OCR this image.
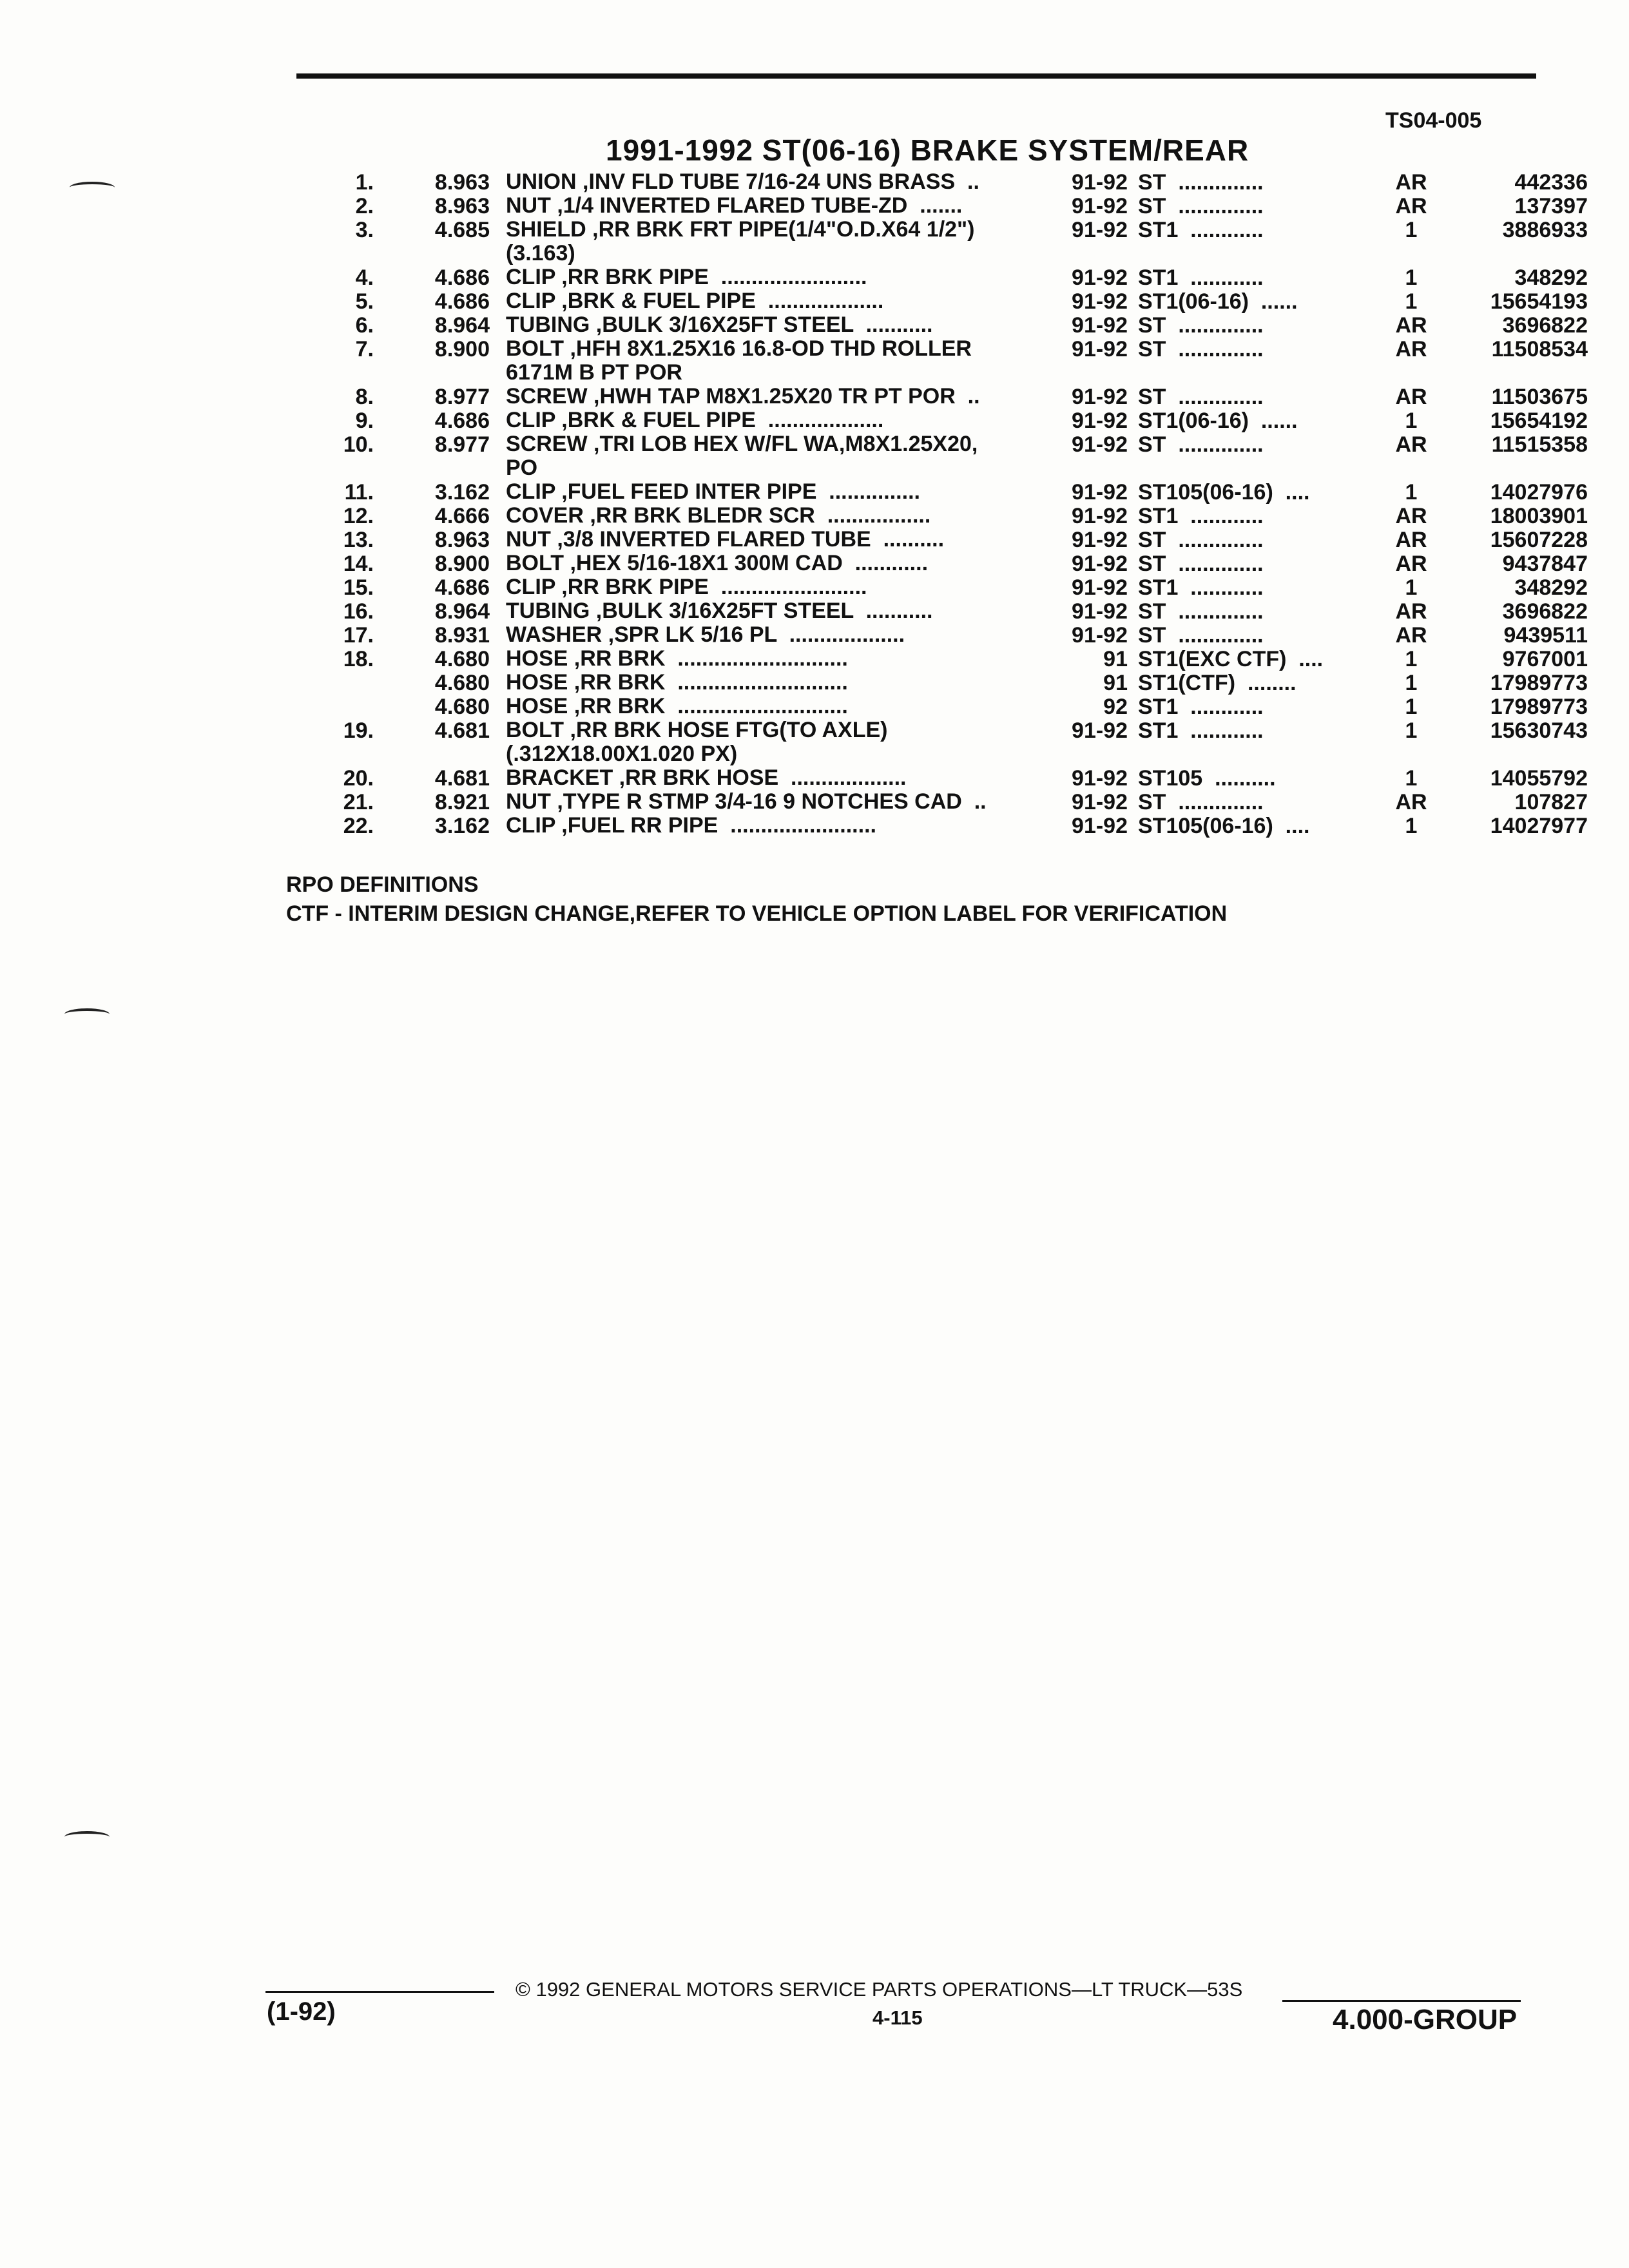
TS04-005
1991-1992 ST(06-16) BRAKE SYSTEM/REAR
1.	8.963 UNION ,INV FLD TUBE 7/16-24 UNS BRASS  ..	91-92 ST  ..............	AR	442336
2.	8.963 NUT ,1/4 INVERTED FLARED TUBE-ZD  .......	91-92 ST  ..............	AR	137397
3.	4.685 SHIELD ,RR BRK FRT PIPE(1/4"O.D.X64 1/2")
(3.163)
91-92 ST1  ............	1	3886933
4.	4.686 CLIP ,RR BRK PIPE  ........................	91-92 ST1  ............	1	348292
5.	4.686 CLIP ,BRK & FUEL PIPE  ...................	91-92 ST1(06-16)  ......	1	15654193
6.	8.964 TUBING ,BULK 3/16X25FT STEEL  ...........	91-92 ST  ..............	AR	3696822
7.	8.900 BOLT ,HFH 8X1.25X16 16.8-OD THD ROLLER
6171M B PT POR
91-92 ST  ..............	AR	11508534
8.	8.977 SCREW ,HWH TAP M8X1.25X20 TR PT POR  ..	91-92 ST  ..............	AR	11503675
9.	4.686 CLIP ,BRK & FUEL PIPE  ...................	91-92 ST1(06-16)  ......	1	15654192
10.	8.977 SCREW ,TRI LOB HEX W/FL WA,M8X1.25X20,
PO
91-92 ST  ..............	AR	11515358
11.	3.162 CLIP ,FUEL FEED INTER PIPE  ...............	91-92 ST105(06-16)  ....	1	14027976
12.	4.666 COVER ,RR BRK BLEDR SCR  .................	91-92 ST1  ............	AR	18003901
13.	8.963 NUT ,3/8 INVERTED FLARED TUBE  ..........	91-92 ST  ..............	AR	15607228
14.	8.900 BOLT ,HEX 5/16-18X1 300M CAD  ............	91-92 ST  ..............	AR	9437847
15.	4.686 CLIP ,RR BRK PIPE  ........................	91-92 ST1  ............	1	348292
16.	8.964 TUBING ,BULK 3/16X25FT STEEL  ...........	91-92 ST  ..............	AR	3696822
17.	8.931 WASHER ,SPR LK 5/16 PL  ...................	91-92 ST  ..............	AR	9439511
18.	4.680 HOSE ,RR BRK  ............................	91 ST1(EXC CTF)  ....	1	9767001
4.680 HOSE ,RR BRK  ............................	91 ST1(CTF)  ........	1	17989773
4.680 HOSE ,RR BRK  ............................	92 ST1  ............	1	17989773
19.	4.681 BOLT ,RR BRK HOSE FTG(TO AXLE)
(.312X18.00X1.020 PX)
91-92 ST1  ............	1	15630743
20.	4.681 BRACKET ,RR BRK HOSE  ...................	91-92 ST105  ..........	1	14055792
21.	8.921 NUT ,TYPE R STMP 3/4-16 9 NOTCHES CAD  ..	91-92 ST  ..............	AR	107827
22.	3.162 CLIP ,FUEL RR PIPE  ........................	91-92 ST105(06-16)  ....	1	14027977
RPO DEFINITIONS
CTF - INTERIM DESIGN CHANGE,REFER TO VEHICLE OPTION LABEL FOR VERIFICATION
© 1992 GENERAL MOTORS SERVICE PARTS OPERATIONS—LT TRUCK—53S
4-115
(1-92)	4.000-GROUP
